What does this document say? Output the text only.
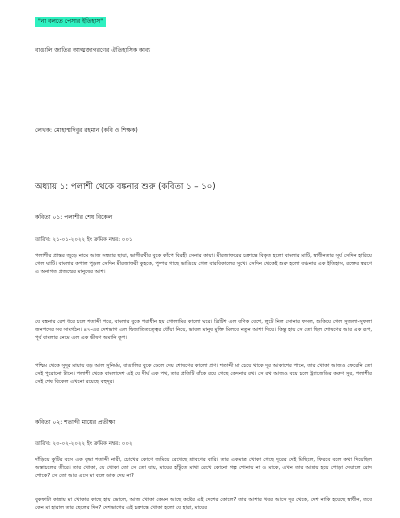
"না বলতে পেসার ইতিহাস"
বাঙালি জাতির আত্মজাগরণের ঐতিহাসিক কাব্য
লেখক: মোহাম্মদিবুর রহমান (কবি ও শিক্ষক)
অধ্যায় ১: পলাশী থেকে বঙ্কনার শুরু (কবিতা ১ – ১০)
কবিতা ০১: পলাশীর শেষ বিকেল
তারিখ: ২১-০১-২০২২ ইং ক্রমিক নম্বর: ০০১
পলাশীর প্রান্তর জুড়ে নামে আজ সন্ধ্যার ছায়া, ভাগীরথীর বুকে কাঁপে বিরহী সেনার কায়া। মীরজাফরের চক্রান্তে বিকৃত হলো বাংলার মাটি, স্বাধীনতার সূর্য সেদিন হারিয়ে গেল ঘাটি। বাংলার কপাল পুড়ল সেদিন মীরজাফরী কুহকে, পুষ্পর গাছে ভাঙিয়ে গেল বারবিকালের সুখে। সেদিন থেকেই শুরু হলো বঞ্চনার এক ইতিহাস, রক্তের স্বরণে এ অনাগত প্রজন্মের মানুষের আশ।
যে বঙ্কনার রেশ ধরে চলে শতাব্দী পরে, বাংলার বুকে পরাধীন হয় গোলামির কালো ঘরে। ব্রিটিশ এল বণিক বেশে, লুটে নিল সোনার ফসল, শুকিয়ে গেল সুজলা-সুফলা জনপদের সব সাংগঠন। ৪৭-এর দেশভাগ এল দ্বিজাতিতত্ত্বের ধোঁয়া নিয়ে, ভাবল মানুষ মুক্তি মিলবে নতুন আশা দিয়ে। কিন্তু হায় সে তো ছিল শোষণের আর এক রূপ, পূর্ব বাংলার নেমে এল এক ভীষণ অমানি কূপ।
পশ্চিম থেকে সুদূর মায়ায় বড় আল সুনির্মম, বাঙালির বুকে ঢেলে দেয় শোষণের কালো প্রণ। শতাব্দী মা চেয়ে থাকে দূর আকাশের পানে, তার খোকা আজও ফেরেনি তো সেই পুরোনো টানে। পলাশী থেকে বাংলাদেশ এই যে দীর্ঘ এক পথ, তার প্রতিটি বাঁকে রয়ে গেছে কেদনার রথ। সে রথ আজও বয়ে চলে ট্র্যাজেডির করুণ সুর, পলাশীর সেই শেষ বিকেল এখনো রয়েছে বহুদূর।
কবিতা ০২: শতাব্দী মায়ের প্রতীক্ষা
তারিখ: ২০-০২-২০২২ ইং ক্রমিক নম্বর: ০০২
দাঁড়িয়ে কুটির বসে এক বৃদ্ধা শতাব্দী নারী, চোখের কোণে জমিয়ে রেখেছে শ্রাবণের বারি। তার একমাত্র খোকা গেছে দূরের দেই মিছিলে, ফিরবে বলে কথা দিয়েছিল অস্তাচলের তীরে। তার খোকা, যে খোকা তো সে তো যায়, মায়ের হাঁটুতে মাথা রেখে কোনো গল্প শোনায় না ও মাকে, এখন তার আশ্রয় হয়ে পোড়া দেয়ালে রোদ শোকে? সে তো আর এসে মা বলে ডাক দেয় না?
বুকফাটা কান্নায় মা খোকার কাছে হায় ভোলে, আজ খোকা কেমন আছে কষ্টের এই দেশের কোলে? তার আশার খবর আসে দূর থেকে, দেশ নাকি হয়েছে স্বাধীন, তবে কেন মা হারাল তার ছেলের দিন? দেশভাগের এই চক্রান্তে খোকা হলো যে হারা, মায়ের
